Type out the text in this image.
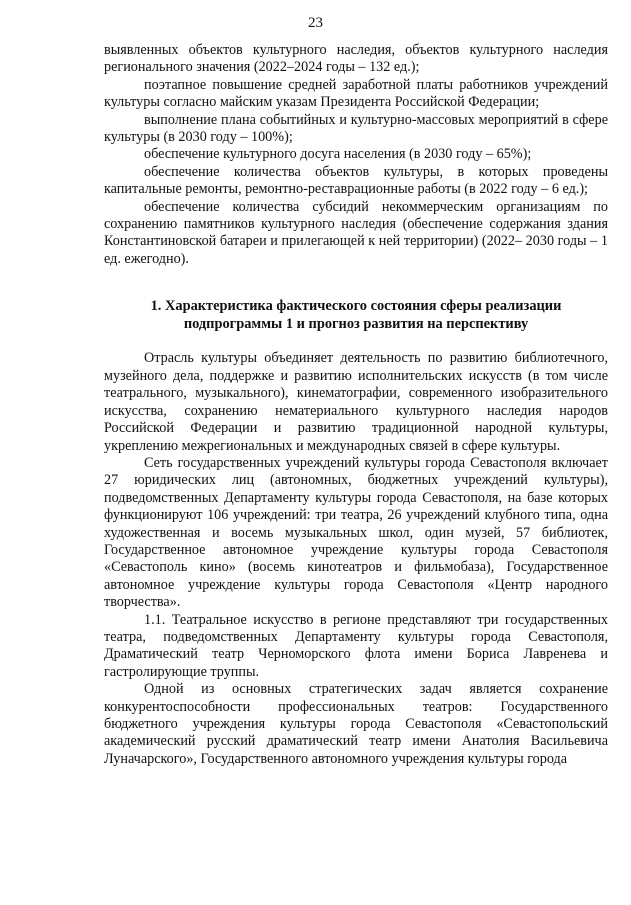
23

выявленных объектов культурного наследия, объектов культурного наследия регионального значения (2022–2024 годы – 132 ед.);

поэтапное повышение средней заработной платы работников учреждений культуры согласно майским указам Президента Российской Федерации;

выполнение плана событийных и культурно-массовых мероприятий в сфере культуры (в 2030 году – 100%);

обеспечение культурного досуга населения (в 2030 году – 65%);

обеспечение количества объектов культуры, в которых проведены капитальные ремонты, ремонтно-реставрационные работы (в 2022 году – 6 ед.);

обеспечение количества субсидий некоммерческим организациям по сохранению памятников культурного наследия (обеспечение содержания здания Константиновской батареи и прилегающей к ней территории) (2022– 2030 годы – 1 ед. ежегодно).

1. Характеристика фактического состояния сферы реализации
подпрограммы 1 и прогноз развития на перспективу

Отрасль культуры объединяет деятельность по развитию библиотечного, музейного дела, поддержке и развитию исполнительских искусств (в том числе театрального, музыкального), кинематографии, современного изобразительного искусства, сохранению нематериального культурного наследия народов Российской Федерации и развитию традиционной народной культуры, укреплению межрегиональных и международных связей в сфере культуры.

Сеть государственных учреждений культуры города Севастополя включает 27 юридических лиц (автономных, бюджетных учреждений культуры), подведомственных Департаменту культуры города Севастополя, на базе которых функционируют 106 учреждений: три театра, 26 учреждений клубного типа, одна художественная и восемь музыкальных школ, один музей, 57 библиотек, Государственное автономное учреждение культуры города Севастополя «Севастополь кино» (восемь кинотеатров и фильмобаза), Государственное автономное учреждение культуры города Севастополя «Центр народного творчества».

1.1. Театральное искусство в регионе представляют три государственных театра, подведомственных Департаменту культуры города Севастополя, Драматический театр Черноморского флота имени Бориса Лавренева и гастролирующие труппы.

Одной из основных стратегических задач является сохранение конкурентоспособности профессиональных театров: Государственного бюджетного учреждения культуры города Севастополя «Севастопольский академический русский драматический театр имени Анатолия Васильевича Луначарского», Государственного автономного учреждения культуры города
